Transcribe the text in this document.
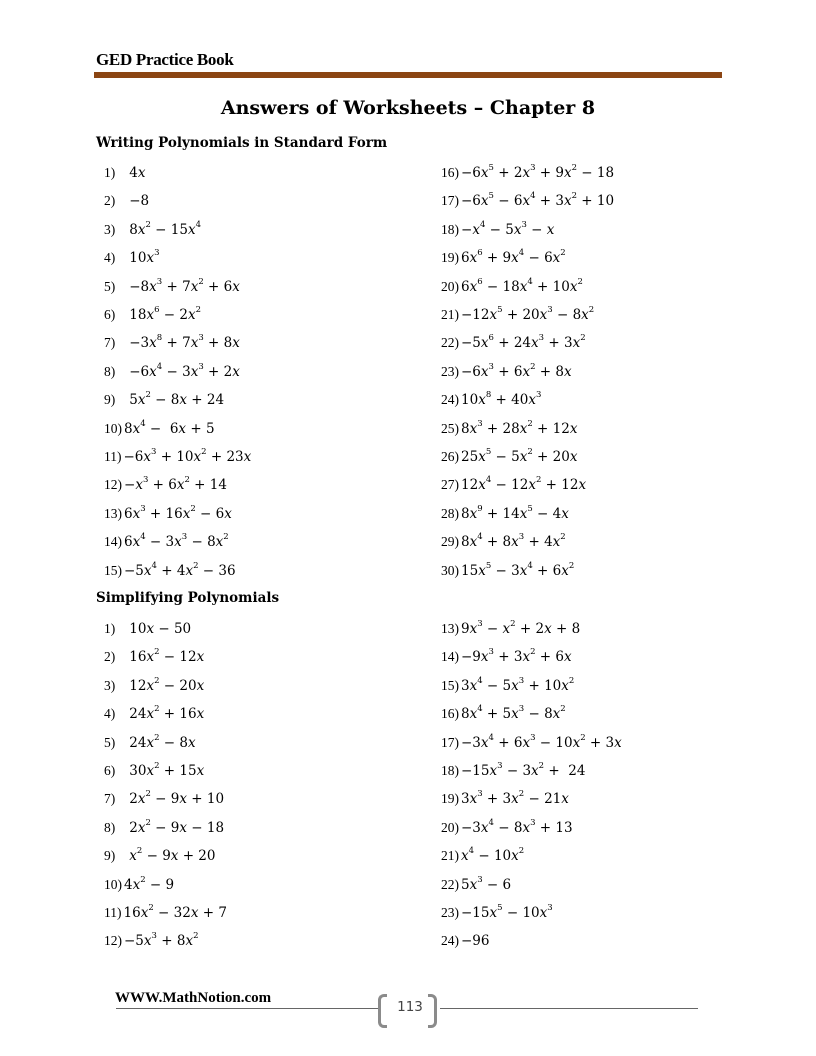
GED Practice Book
Answers of Worksheets – Chapter 8
Writing Polynomials in Standard Form
Simplifying Polynomials
1) 4x
2) −8
3) $8x^2 - 15x^4$
4) $10x^3$
$5) -8x^3 + 7x^2 + 6x$
6) $18x^6 - 2x^2$
$7) -3x^8 + 7x^3 + 8x$
$8) -6x^4 - 3x^3 + 2x$
9) $5x^2 - 8x + 24$
10) $8x^4 - 6x + 5$
$11) -6x^3 + 10x^2 + 23x$
$12) -x^3 + 6x^2 + 14$
13) $6x^3 + 16x^2 - 6x$
14) $6x^4 - 3x^3 - 8x^2$
$15) -5x^4 + 4x^2 - 36$
$16) -6x^5 + 2x^3 + 9x^2 - 18$
$17) -6x^5 - 6x^4 + 3x^2 + 10$
$18) -x^4 - 5x^3 - x$
19) $6x^6 + 9x^4 - 6x^2$
20) $6x^6 - 18x^4 + 10x^2$
$21) -12x^5 + 20x^3 - 8x^2$
$22) -5x^6 + 24x^3 + 3x^2$
$23) -6x^3 + 6x^2 + 8x$
24) $10x^8 + 40x^3$
25) $8x^3 + 28x^2 + 12x$
26) $25x^5 - 5x^2 + 20x$
27) $12x^4 - 12x^2 + 12x$
28) $8x^9 + 14x^5 - 4x$
29) $8x^4 + 8x^3 + 4x^2$
30) $15x^5 - 3x^4 + 6x^2$
1) 10x − 50
2) $16x^2 - 12x$
3) $12x^2 - 20x$
4) $24x^2 + 16x$
5) $24x^2 - 8x$
6) $30x^2 + 15x$
7) $2x^2 - 9x + 10$
8) $2x^2 - 9x - 18$
9) $x^2 - 9x + 20$
10) $4x^2 - 9$
11) $16x^2 - 32x + 7$
$12) -5x^3 + 8x^2$
13) $9x^3 - x^2 + 2x + 8$
$14) -9x^3 + 3x^2 + 6x$
15) $3x^4 - 5x^3 + 10x^2$
16) $8x^4 + 5x^3 - 8x^2$
$17) -3x^4 + 6x^3 - 10x^2 + 3x$
$18) -15x^3 - 3x^2 + 24$
19) $3x^3 + 3x^2 - 21x$
$20) -3x^4 - 8x^3 + 13$
21) $x^4 - 10x^2$
22) $5x^3 - 6$
$23) -15x^5 - 10x^3$
24) −96
WWW.MathNotion.com
113
